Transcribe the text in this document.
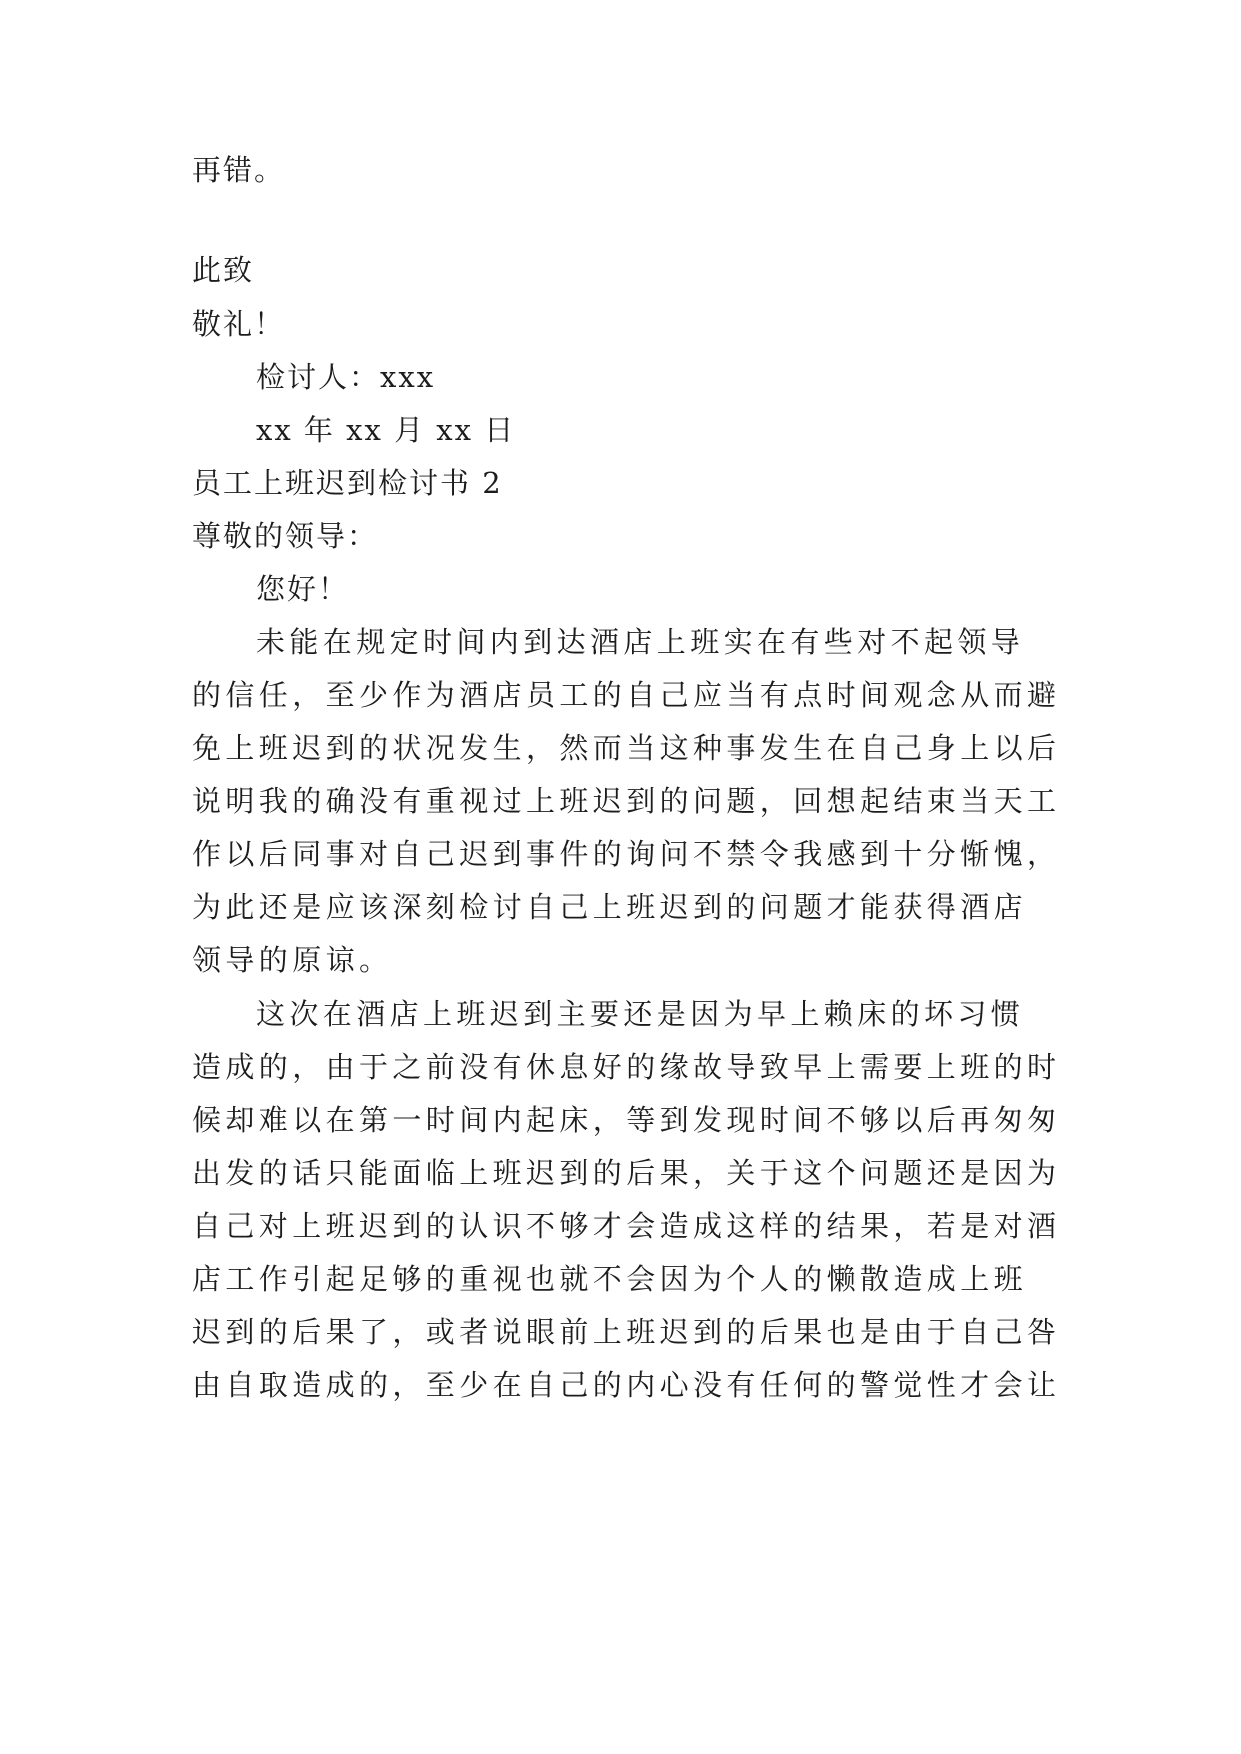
再错。
此致
敬礼！
检讨人：xxx
xx 年 xx 月 xx 日
员工上班迟到检讨书 2
尊敬的领导：
您好！
未能在规定时间内到达酒店上班实在有些对不起领导
的信任，至少作为酒店员工的自己应当有点时间观念从而避
免上班迟到的状况发生，然而当这种事发生在自己身上以后
说明我的确没有重视过上班迟到的问题，回想起结束当天工
作以后同事对自己迟到事件的询问不禁令我感到十分惭愧，
为此还是应该深刻检讨自己上班迟到的问题才能获得酒店
领导的原谅。
这次在酒店上班迟到主要还是因为早上赖床的坏习惯
造成的，由于之前没有休息好的缘故导致早上需要上班的时
候却难以在第一时间内起床，等到发现时间不够以后再匆匆
出发的话只能面临上班迟到的后果，关于这个问题还是因为
自己对上班迟到的认识不够才会造成这样的结果，若是对酒
店工作引起足够的重视也就不会因为个人的懒散造成上班
迟到的后果了，或者说眼前上班迟到的后果也是由于自己咎
由自取造成的，至少在自己的内心没有任何的警觉性才会让
